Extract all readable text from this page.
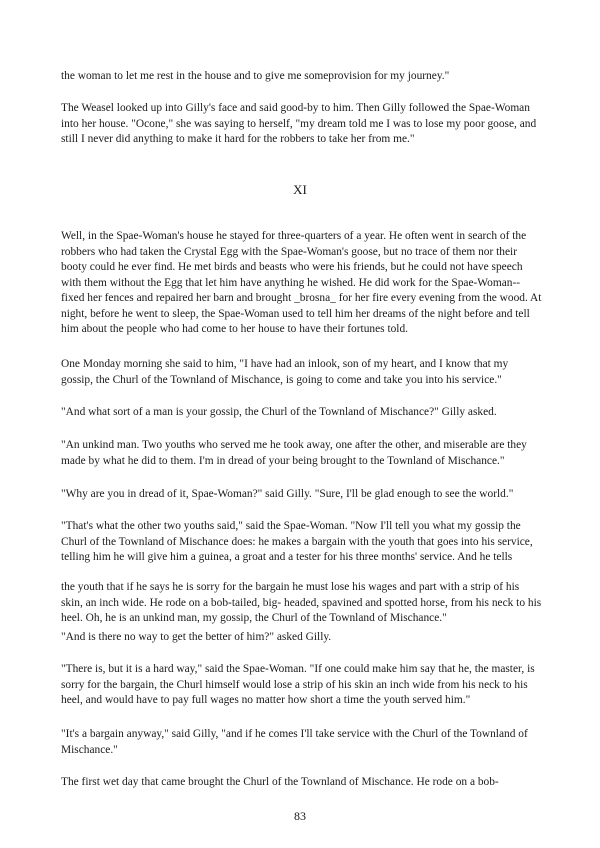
the woman to let me rest in the house and to give me someprovision for my journey."

The Weasel looked up into Gilly's face and said good-by to him. Then Gilly followed the Spae-Woman into her house. "Ocone," she was saying to herself, "my dream told me I was to lose my poor goose, and still I never did anything to make it hard for the robbers to take her from me."

XI

Well, in the Spae-Woman's house he stayed for three-quarters of a year. He often went in search of the robbers who had taken the Crystal Egg with the Spae-Woman's goose, but no trace of them nor their booty could he ever find. He met birds and beasts who were his friends, but he could not have speech with them without the Egg that let him have anything he wished. He did work for the Spae-Woman--fixed her fences and repaired her barn and brought _brosna_ for her fire every evening from the wood. At night, before he went to sleep, the Spae-Woman used to tell him her dreams of the night before and tell him about the people who had come to her house to have their fortunes told.

One Monday morning she said to him, "I have had an inlook, son of my heart, and I know that my gossip, the Churl of the Townland of Mischance, is going to come and take you into his service."

"And what sort of a man is your gossip, the Churl of the Townland of Mischance?" Gilly asked.

"An unkind man. Two youths who served me he took away, one after the other, and miserable are they made by what he did to them. I'm in dread of your being brought to the Townland of Mischance."

"Why are you in dread of it, Spae-Woman?" said Gilly. "Sure, I'll be glad enough to see the world."

"That's what the other two youths said," said the Spae-Woman. "Now I'll tell you what my gossip the Churl of the Townland of Mischance does: he makes a bargain with the youth that goes into his service, telling him he will give him a guinea, a groat and a tester for his three months' service. And he tells

the youth that if he says he is sorry for the bargain he must lose his wages and part with a strip of his skin, an inch wide. He rode on a bob-tailed, big- headed, spavined and spotted horse, from his neck to his heel. Oh, he is an unkind man, my gossip, the Churl of the Townland of Mischance."

"And is there no way to get the better of him?" asked Gilly.

"There is, but it is a hard way," said the Spae-Woman. "If one could make him say that he, the master, is sorry for the bargain, the Churl himself would lose a strip of his skin an inch wide from his neck to his heel, and would have to pay full wages no matter how short a time the youth served him."

"It's a bargain anyway," said Gilly, "and if he comes I'll take service with the Churl of the Townland of Mischance."

The first wet day that came brought the Churl of the Townland of Mischance. He rode on a bob-

83
